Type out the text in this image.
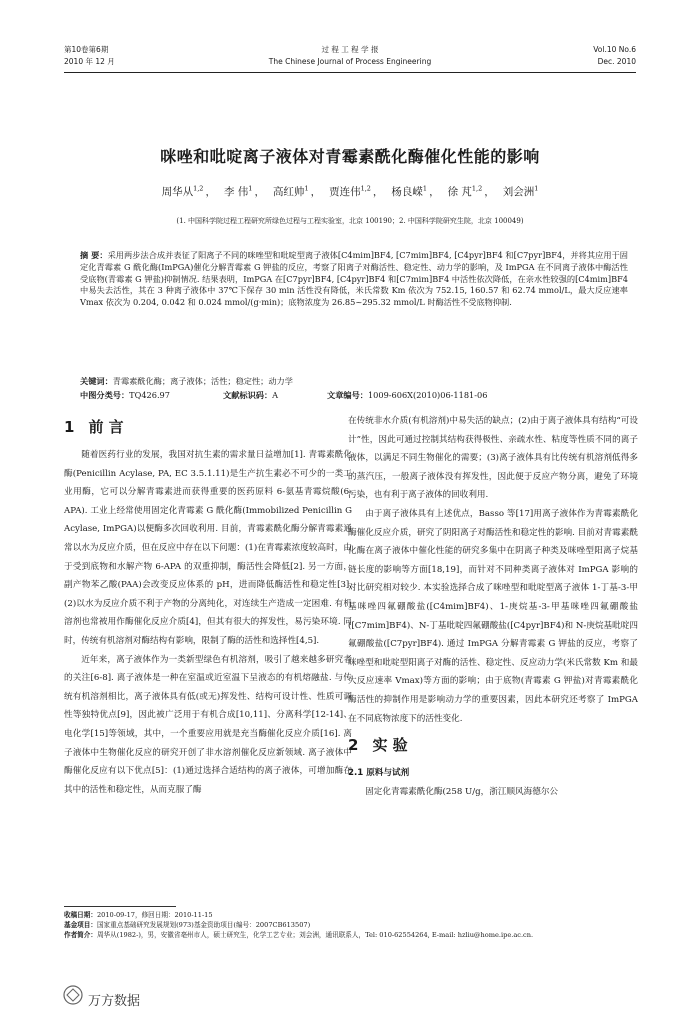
第10卷第6期
2010 年 12 月
过 程 工 程 学 报
The Chinese Journal of Process Engineering
Vol.10 No.6
Dec. 2010
咪唑和吡啶离子液体对青霉素酰化酶催化性能的影响
周华从$^{1,2}$ ， 李 伟$^1$ ， 高红帅$^1$ ， 贾连伟$^{1,2}$ ， 杨良嵘$^1$ ， 徐 芃$^{1,2}$ ， 刘会洲$^1$
(1. 中国科学院过程工程研究所绿色过程与工程实验室，北京 100190；2. 中国科学院研究生院，北京 100049)
摘 要：采用两步法合成并表征了阳离子不同的咪唑型和吡啶型离子液体[C4mim]BF4, [C7mim]BF4, [C4pyr]BF4 和[C7pyr]BF4，并将其应用于固定化青霉素 G 酰化酶(ImPGA)催化分解青霉素 G 钾盐的反应，考察了阳离子对酶活性、稳定性、动力学的影响，及 ImPGA 在不同离子液体中酶活性受底物(青霉素 G 钾盐)抑制情况. 结果表明，ImPGA 在[C7pyr]BF4, [C4pyr]BF4 和[C7mim]BF4 中活性依次降低，在亲水性较强的[C4mim]BF4 中易失去活性，其在 3 种离子液体中 37℃下保存 30 min 活性没有降低，米氏常数 Km 依次为 752.15, 160.57 和 62.74 mmol/L，最大反应速率 Vmax 依次为 0.204, 0.042 和 0.024 mmol/(g·min)；底物浓度为 26.85~295.32 mmol/L 时酶活性不受底物抑制.
关键词：青霉素酰化酶；离子液体；活性；稳定性；动力学
中图分类号：TQ426.97	文献标识码：A	文章编号：1009-606X(2010)06-1181-06
1 前 言

随着医药行业的发展，我国对抗生素的需求量日益增加[1]. 青霉素酰化酶(Penicillin Acylase, PA, EC 3.5.1.11)是生产抗生素必不可少的一类工业用酶，它可以分解青霉素进而获得重要的医药原料 6-氨基青霉烷酸(6-APA). 工业上经常使用固定化青霉素 G 酰化酶(Immobilized Penicillin G Acylase, ImPGA)以便酶多次回收利用. 目前，青霉素酰化酶分解青霉素通常以水为反应介质，但在反应中存在以下问题：(1)在青霉素浓度较高时，由于受到底物和水解产物 6-APA 的双重抑制，酶活性会降低[2]. 另一方面，副产物苯乙酸(PAA)会改变反应体系的 pH，进而降低酶活性和稳定性[3]. (2)以水为反应介质不利于产物的分离纯化，对连续生产造成一定困难. 有机溶剂也常被用作酶催化反应介质[4]，但其有很大的挥发性，易污染环境. 同时，传统有机溶剂对酶结构有影响，限制了酶的活性和选择性[4,5].

近年来，离子液体作为一类新型绿色有机溶剂，吸引了越来越多研究者的关注[6-8]. 离子液体是一种在室温或近室温下呈液态的有机熔融盐. 与传统有机溶剂相比，离子液体具有低(或无)挥发性、结构可设计性、性质可调性等独特优点[9]，因此被广泛用于有机合成[10,11]、分离科学[12-14]、电化学[15]等领域，其中，一个重要应用就是充当酶催化反应介质[16]. 离子液体中生物催化反应的研究开创了非水溶剂催化反应新领域. 离子液体中酶催化反应有以下优点[5]：(1)通过选择合适结构的离子液体，可增加酶在其中的活性和稳定性，从而克服了酶

在传统非水介质(有机溶剂)中易失活的缺点；(2)由于离子液体具有结构“可设计”性，因此可通过控制其结构获得极性、亲疏水性、粘度等性质不同的离子液体，以满足不同生物催化的需要；(3)离子液体具有比传统有机溶剂低得多的蒸汽压，一般离子液体没有挥发性，因此便于反应产物分离，避免了环境污染，也有利于离子液体的回收利用.

由于离子液体具有上述优点，Basso 等[17]用离子液体作为青霉素酰化酶催化反应介质，研究了阴阳离子对酶活性和稳定性的影响. 目前对青霉素酰化酶在离子液体中催化性能的研究多集中在阴离子种类及咪唑型阳离子烷基链长度的影响等方面[18,19]，而针对不同种类离子液体对 ImPGA 影响的对比研究相对较少. 本实验选择合成了咪唑型和吡啶型离子液体 1-丁基-3-甲基咪唑四氟硼酸盐([C4mim]BF4)、1-庚烷基-3-甲基咪唑四氟硼酸盐([C7mim]BF4)、N-丁基吡啶四氟硼酸盐([C4pyr]BF4)和 N-庚烷基吡啶四氟硼酸盐([C7pyr]BF4). 通过 ImPGA 分解青霉素 G 钾盐的反应，考察了咪唑型和吡啶型阳离子对酶的活性、稳定性、反应动力学(米氏常数 Km 和最大反应速率 Vmax)等方面的影响；由于底物(青霉素 G 钾盐)对青霉素酰化酶活性的抑制作用是影响动力学的重要因素，因此本研究还考察了 ImPGA 在不同底物浓度下的活性变化.

2 实 验
2.1 原料与试剂

固定化青霉素酰化酶(258 U/g，浙江顺风海德尔公

收稿日期：2010-09-17，修回日期：2010-11-15
基金项目：国家重点基础研究发展规划(973)基金资助项目(编号：2007CB613507)
作者简介：周华从(1982-)，男，安徽省亳州市人，硕士研究生，化学工艺专业；刘会洲，通讯联系人，Tel: 010-62554264, E-mail: hzliu@home.ipe.ac.cn.
万方数据
